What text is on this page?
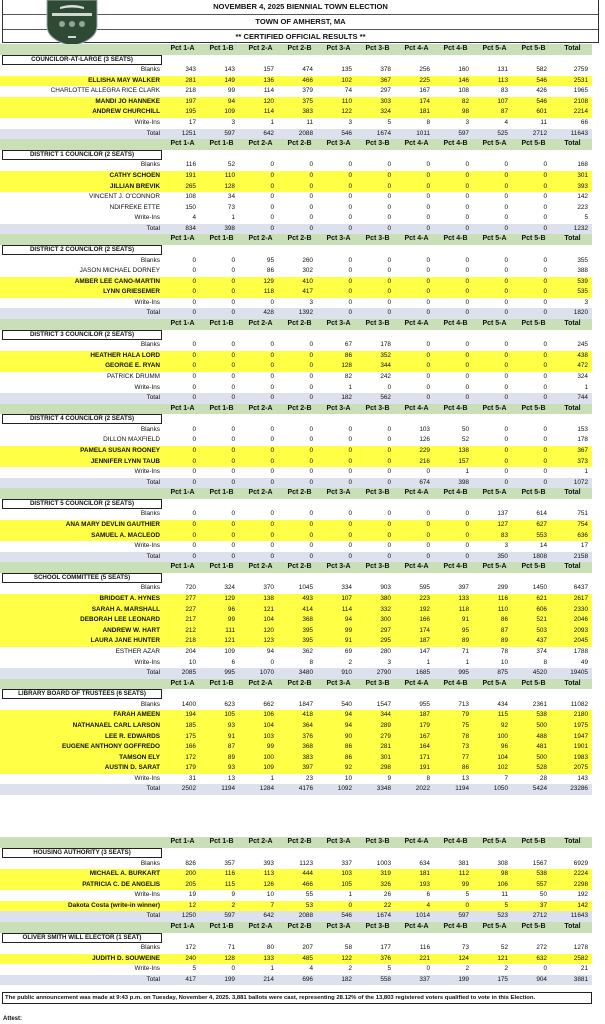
NOVEMBER 4, 2025 BIENNIAL TOWN ELECTION
TOWN OF AMHERST, MA
** CERTIFIED OFFICIAL RESULTS **
Pct 1-A	Pct 1-B	Pct 2-A	Pct 2-B	Pct 3-A	Pct 3-B	Pct 4-A	Pct 4-B	Pct 5-A	Pct 5-B	Total
COUNCILOR-AT-LARGE (3 SEATS)
Blanks	343	143	157	474	135	378	256	160	131	582	2759
ELLISHA MAY WALKER	281	149	136	466	102	367	225	146	113	546	2531
CHARLOTTE ALLEGRA RICE CLARK	218	99	114	379	74	297	167	108	83	426	1965
MANDI JO HANNEKE	197	94	120	375	110	303	174	82	107	546	2108
ANDREW CHURCHILL	195	109	114	383	122	324	181	98	87	601	2214
Write-Ins	17	3	1	11	3	5	8	3	4	11	66
Total	1251	597	642	2088	546	1674	1011	597	525	2712	11643
Pct 1-A	Pct 1-B	Pct 2-A	Pct 2-B	Pct 3-A	Pct 3-B	Pct 4-A	Pct 4-B	Pct 5-A	Pct 5-B	Total
DISTRICT 1 COUNCILOR (2 SEATS)
Blanks	116	52	0	0	0	0	0	0	0	0	168
CATHY SCHOEN	191	110	0	0	0	0	0	0	0	0	301
JILLIAN BREVIK	265	128	0	0	0	0	0	0	0	0	393
VINCENT J. O'CONNOR	108	34	0	0	0	0	0	0	0	0	142
NDIFREKE ETTE	150	73	0	0	0	0	0	0	0	0	223
Write-Ins	4	1	0	0	0	0	0	0	0	0	5
Total	834	398	0	0	0	0	0	0	0	0	1232
Pct 1-A	Pct 1-B	Pct 2-A	Pct 2-B	Pct 3-A	Pct 3-B	Pct 4-A	Pct 4-B	Pct 5-A	Pct 5-B	Total
DISTRICT 2 COUNCILOR (2 SEATS)
Blanks	0	0	95	260	0	0	0	0	0	0	355
JASON MICHAEL DORNEY	0	0	86	302	0	0	0	0	0	0	388
AMBER LEE CANO-MARTIN	0	0	129	410	0	0	0	0	0	0	539
LYNN GRIESEMER	0	0	118	417	0	0	0	0	0	0	535
Write-Ins	0	0	0	3	0	0	0	0	0	0	3
Total	0	0	428	1392	0	0	0	0	0	0	1820
Pct 1-A	Pct 1-B	Pct 2-A	Pct 2-B	Pct 3-A	Pct 3-B	Pct 4-A	Pct 4-B	Pct 5-A	Pct 5-B	Total
DISTRICT 3 COUNCILOR (2 SEATS)
Blanks	0	0	0	0	67	178	0	0	0	0	245
HEATHER HALA LORD	0	0	0	0	86	352	0	0	0	0	438
GEORGE E. RYAN	0	0	0	0	128	344	0	0	0	0	472
PATRICK DRUMM	0	0	0	0	82	242	0	0	0	0	324
Write-Ins	0	0	0	0	1	0	0	0	0	0	1
Total	0	0	0	0	182	562	0	0	0	0	744
Pct 1-A	Pct 1-B	Pct 2-A	Pct 2-B	Pct 3-A	Pct 3-B	Pct 4-A	Pct 4-B	Pct 5-A	Pct 5-B	Total
DISTRICT 4 COUNCILOR (2 SEATS)
Blanks	0	0	0	0	0	0	103	50	0	0	153
DILLON MAXFIELD	0	0	0	0	0	0	126	52	0	0	178
PAMELA SUSAN ROONEY	0	0	0	0	0	0	229	138	0	0	367
JENNIFER LYNN TAUB	0	0	0	0	0	0	216	157	0	0	373
Write-Ins	0	0	0	0	0	0	0	1	0	0	1
Total	0	0	0	0	0	0	674	398	0	0	1072
Pct 1-A	Pct 1-B	Pct 2-A	Pct 2-B	Pct 3-A	Pct 3-B	Pct 4-A	Pct 4-B	Pct 5-A	Pct 5-B	Total
DISTRICT 5 COUNCILOR (2 SEATS)
Blanks	0	0	0	0	0	0	0	0	137	614	751
ANA MARY DEVLIN GAUTHIER	0	0	0	0	0	0	0	0	127	627	754
SAMUEL A. MACLEOD	0	0	0	0	0	0	0	0	83	553	636
Write-Ins	0	0	0	0	0	0	0	0	3	14	17
Total	0	0	0	0	0	0	0	0	350	1808	2158
Pct 1-A	Pct 1-B	Pct 2-A	Pct 2-B	Pct 3-A	Pct 3-B	Pct 4-A	Pct 4-B	Pct 5-A	Pct 5-B	Total
SCHOOL COMMITTEE (5 SEATS)
Blanks	720	324	370	1045	334	903	595	397	299	1450	6437
BRIDGET A. HYNES	277	129	138	493	107	380	223	133	116	621	2617
SARAH A. MARSHALL	227	96	121	414	114	332	192	118	110	606	2330
DEBORAH LEE LEONARD	217	99	104	368	94	300	166	91	86	521	2046
ANDREW W. HART	212	111	120	395	99	297	174	95	87	503	2093
LAURA JANE HUNTER	218	121	123	395	91	295	187	89	89	437	2045
ESTHER AZAR	204	109	94	362	69	280	147	71	78	374	1788
Write-Ins	10	6	0	8	2	3	1	1	10	8	49
Total	2085	995	1070	3480	910	2790	1685	995	875	4520	19405
Pct 1-A	Pct 1-B	Pct 2-A	Pct 2-B	Pct 3-A	Pct 3-B	Pct 4-A	Pct 4-B	Pct 5-A	Pct 5-B	Total
LIBRARY BOARD OF TRUSTEES (6 SEATS)
Blanks	1400	623	662	1847	540	1547	955	713	434	2361	11082
FARAH AMEEN	194	105	106	418	94	344	187	79	115	538	2180
NATHANAEL CARL LARSON	185	93	104	364	94	289	179	75	92	500	1975
LEE R. EDWARDS	175	91	103	376	90	279	167	78	100	488	1947
EUGENE ANTHONY GOFFREDO	166	87	99	368	86	281	164	73	96	481	1901
TAMSON ELY	172	89	100	383	86	301	171	77	104	500	1983
AUSTIN D. SARAT	179	93	109	397	92	298	191	86	102	528	2075
Write-Ins	31	13	1	23	10	9	8	13	7	28	143
Total	2502	1194	1284	4176	1092	3348	2022	1194	1050	5424	23286
Pct 1-A	Pct 1-B	Pct 2-A	Pct 2-B	Pct 3-A	Pct 3-B	Pct 4-A	Pct 4-B	Pct 5-A	Pct 5-B	Total
HOUSING AUTHORITY (3 SEATS)
Blanks	826	357	393	1123	337	1003	634	381	308	1567	6929
MICHAEL A. BURKART	200	116	113	444	103	319	181	112	98	538	2224
PATRICIA C. DE ANGELIS	205	115	126	466	105	326	193	99	106	557	2298
Write-Ins	19	9	10	55	1	26	6	5	11	50	192
Dakota Costa (write-in winner)	12	2	7	53	0	22	4	0	5	37	142
Total	1250	597	642	2088	546	1674	1014	597	523	2712	11643
Pct 1-A	Pct 1-B	Pct 2-A	Pct 2-B	Pct 3-A	Pct 3-B	Pct 4-A	Pct 4-B	Pct 5-A	Pct 5-B	Total
OLIVER SMITH WILL ELECTOR (1 SEAT)
Blanks	172	71	80	207	58	177	116	73	52	272	1278
JUDITH D. SOUWEINE	240	128	133	485	122	376	221	124	121	632	2582
Write-Ins	5	0	1	4	2	5	0	2	2	0	21
Total	417	199	214	696	182	558	337	199	175	904	3881
The public announcement was made at 9:43 p.m. on Tuesday, November 4, 2025. 3,881 ballots were cast, representing 28.12% of the 13,803 registered voters qualified to vote in this Election.
Attest:
